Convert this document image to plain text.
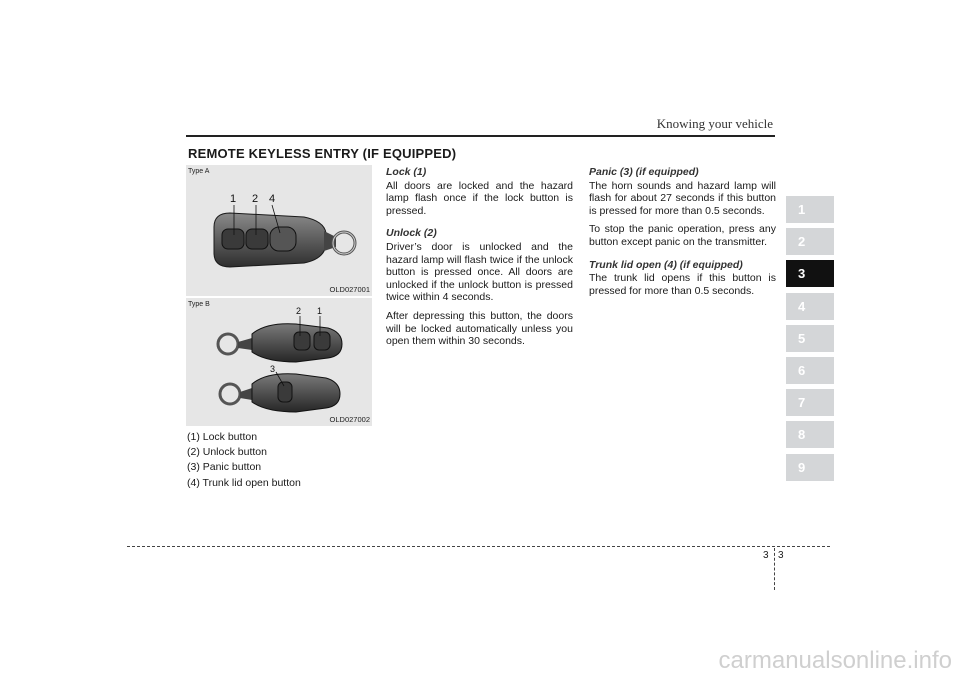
Knowing your vehicle
REMOTE KEYLESS ENTRY (IF EQUIPPED)
1 2 4
Type A
OLD027001
2 1
3
Type B
OLD027002
(1) Lock button
(2) Unlock button
(3) Panic button
(4) Trunk lid open button
Lock (1)

All doors are locked and the hazard lamp flash once if the lock button is pressed.

Unlock (2)

Driver’s door is unlocked and the hazard lamp will flash twice if the unlock button is pressed once. All doors are unlocked if the unlock button is pressed twice within 4 seconds.

After depressing this button, the doors will be locked automatically unless you open them within 30 seconds.

Panic (3) (if equipped)

The horn sounds and hazard lamp will flash for about 27 seconds if this button is pressed for more than 0.5 seconds.

To stop the panic operation, press any button except panic on the transmitter.

Trunk lid open (4) (if equipped)

The trunk lid opens if this button is pressed for more than 0.5 seconds.

1
2
3
4
5
6
7
8
9
3 3
carmanualsonline.info
